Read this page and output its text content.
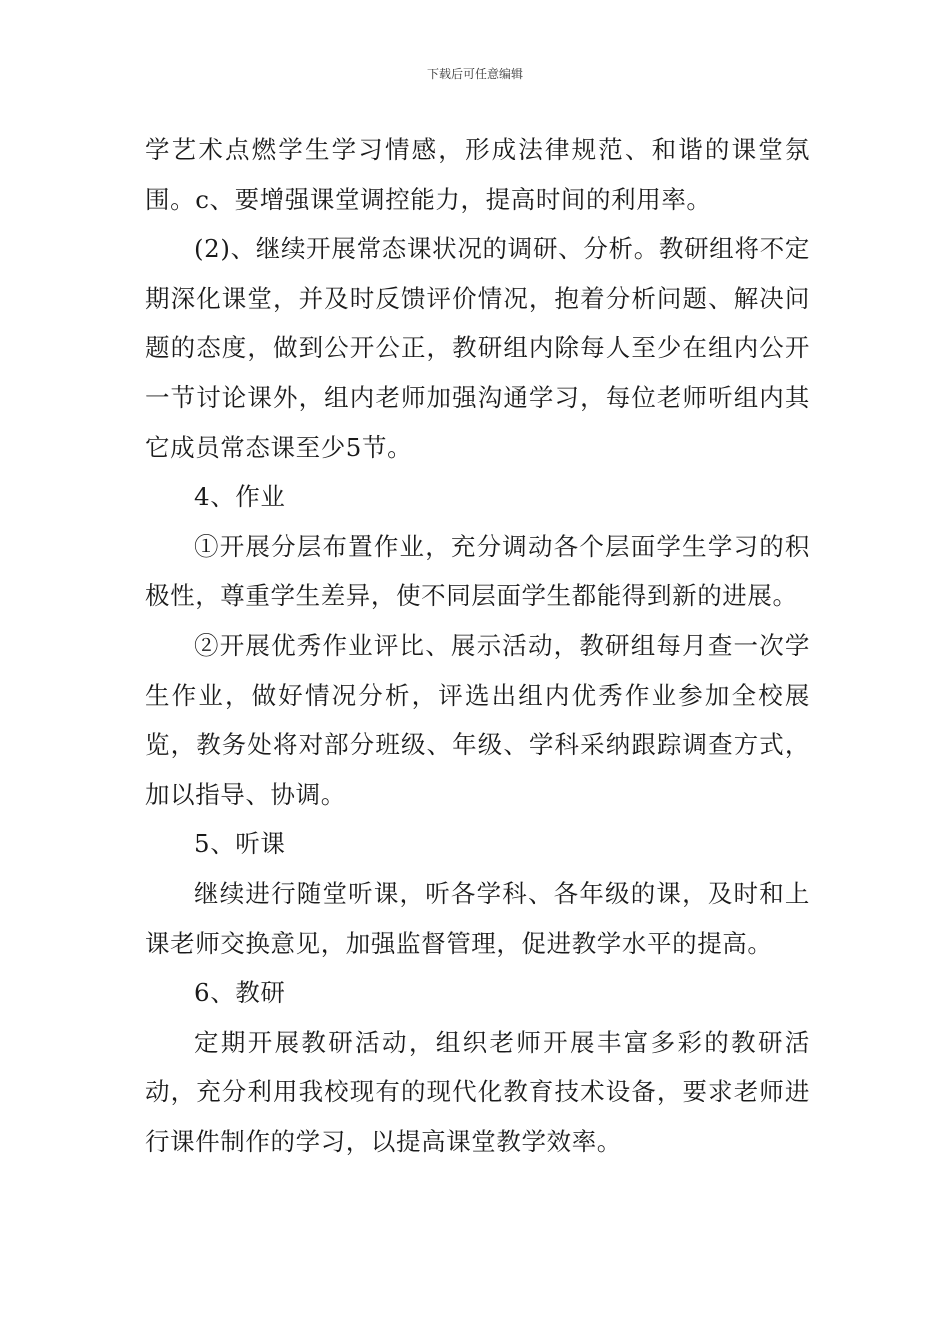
下载后可任意编辑

学艺术点燃学生学习情感，形成法律规范、和谐的课堂氛围。c、要增强课堂调控能力，提高时间的利用率。

(2)、继续开展常态课状况的调研、分析。教研组将不定期深化课堂，并及时反馈评价情况，抱着分析问题、解决问题的态度，做到公开公正，教研组内除每人至少在组内公开一节讨论课外，组内老师加强沟通学习，每位老师听组内其它成员常态课至少5节。

4、作业

①开展分层布置作业，充分调动各个层面学生学习的积极性，尊重学生差异，使不同层面学生都能得到新的进展。

②开展优秀作业评比、展示活动，教研组每月查一次学生作业，做好情况分析，评选出组内优秀作业参加全校展览，教务处将对部分班级、年级、学科采纳跟踪调查方式，加以指导、协调。

5、听课

继续进行随堂听课，听各学科、各年级的课，及时和上课老师交换意见，加强监督管理，促进教学水平的提高。

6、教研

定期开展教研活动，组织老师开展丰富多彩的教研活动，充分利用我校现有的现代化教育技术设备，要求老师进行课件制作的学习，以提高课堂教学效率。
